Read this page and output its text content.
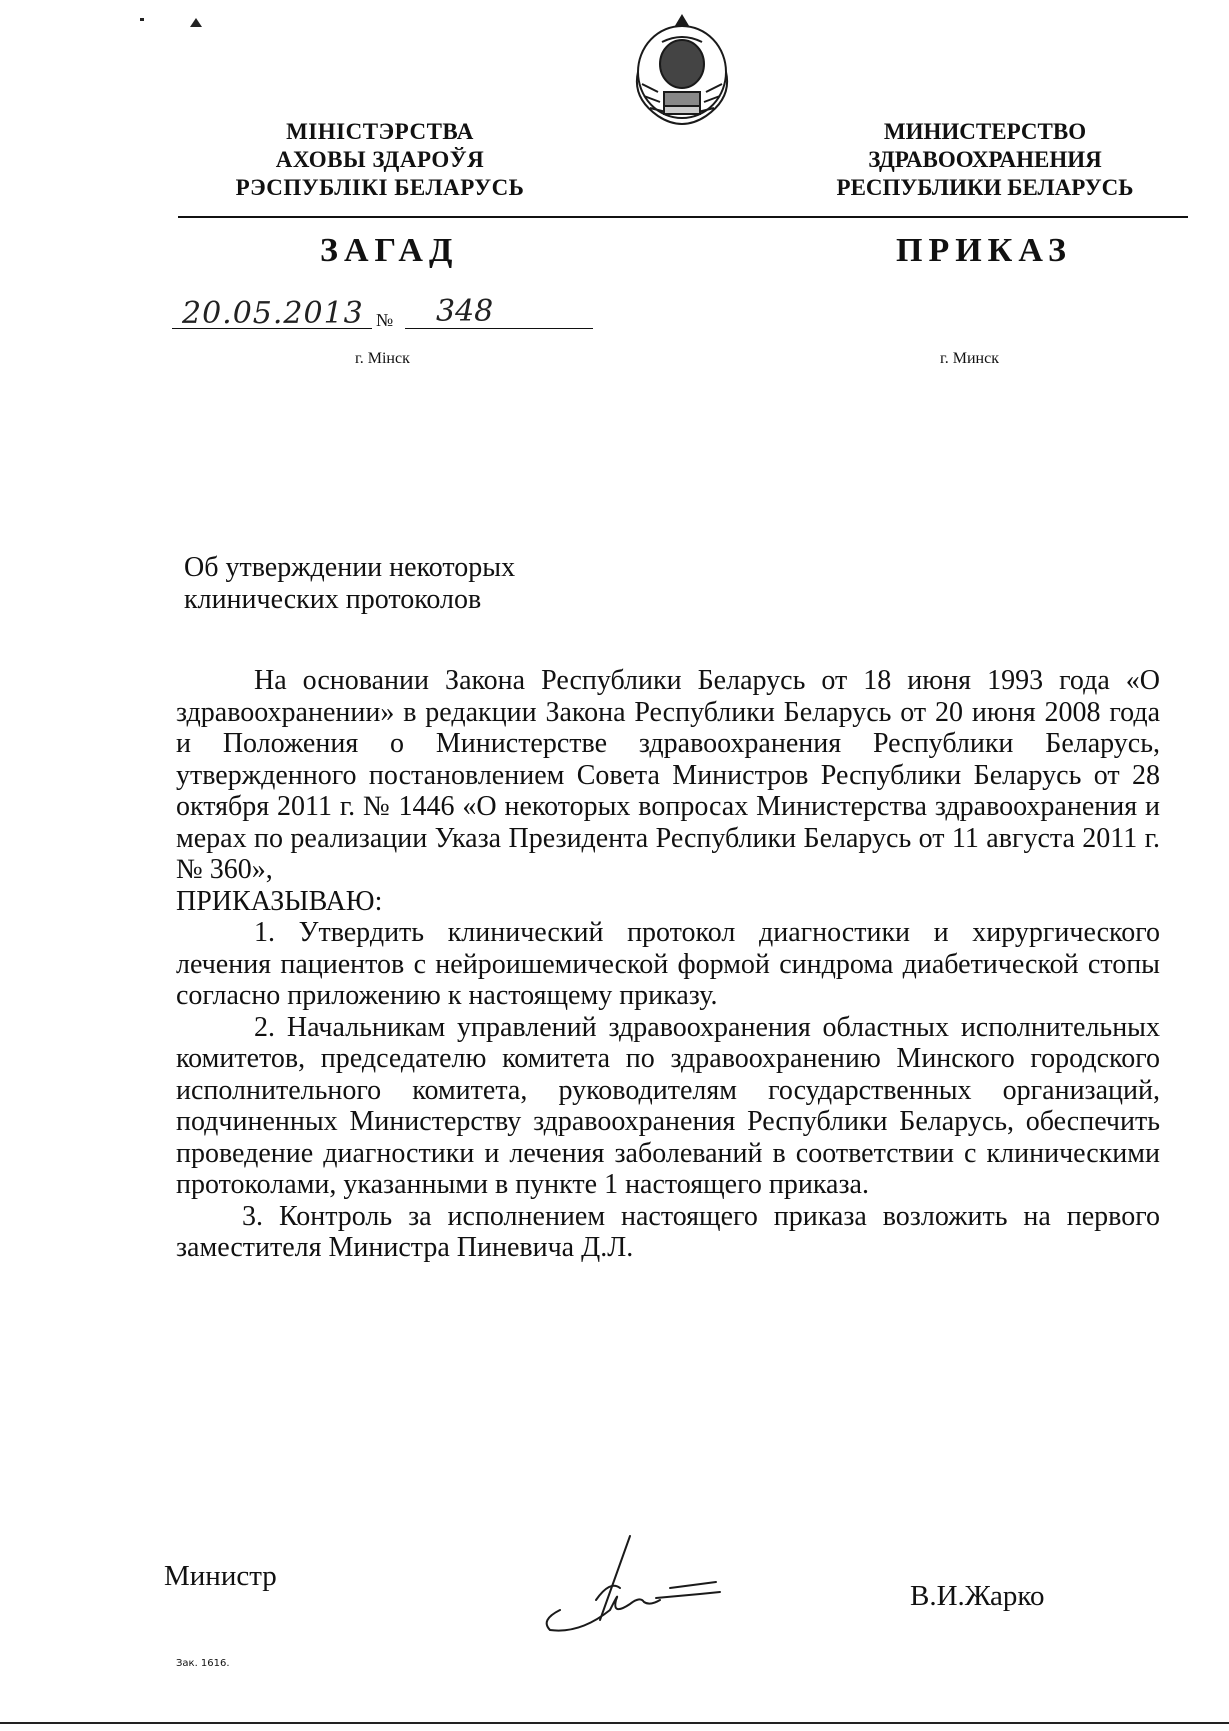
МІНІСТЭРСТВА
АХОВЫ ЗДАРОЎЯ
РЭСПУБЛІКІ БЕЛАРУСЬ
МИНИСТЕРСТВО
ЗДРАВООХРАНЕНИЯ
РЕСПУБЛИКИ БЕЛАРУСЬ
ЗАГАД	ПРИКАЗ
20.05.2013 № 348
г. Мінск	г. Минск
Об утверждении некоторых
клинических протоколов

На основании Закона Республики Беларусь от 18 июня 1993 года «О здравоохранении» в редакции Закона Республики Беларусь от 20 июня 2008 года и Положения о Министерстве здравоохранения Республики Беларусь, утвержденного постановлением Совета Министров Республики Беларусь от 28 октября 2011 г. № 1446 «О некоторых вопросах Министерства здравоохранения и мерах по реализации Указа Президента Республики Беларусь от 11 августа 2011 г. № 360»,

ПРИКАЗЫВАЮ:

1. Утвердить клинический протокол диагностики и хирургического лечения пациентов с нейроишемической формой синдрома диабетической стопы согласно приложению к настоящему приказу.

2. Начальникам управлений здравоохранения областных исполнительных комитетов, председателю комитета по здравоохранению Минского городского исполнительного комитета, руководителям государственных организаций, подчиненных Министерству здравоохранения Республики Беларусь, обеспечить проведение диагностики и лечения заболеваний в соответствии с клиническими протоколами, указанными в пункте 1 настоящего приказа.

3. Контроль за исполнением настоящего приказа возложить на первого заместителя Министра Пиневича Д.Л.

Министр
В.И.Жарко
Зак. 1616.
